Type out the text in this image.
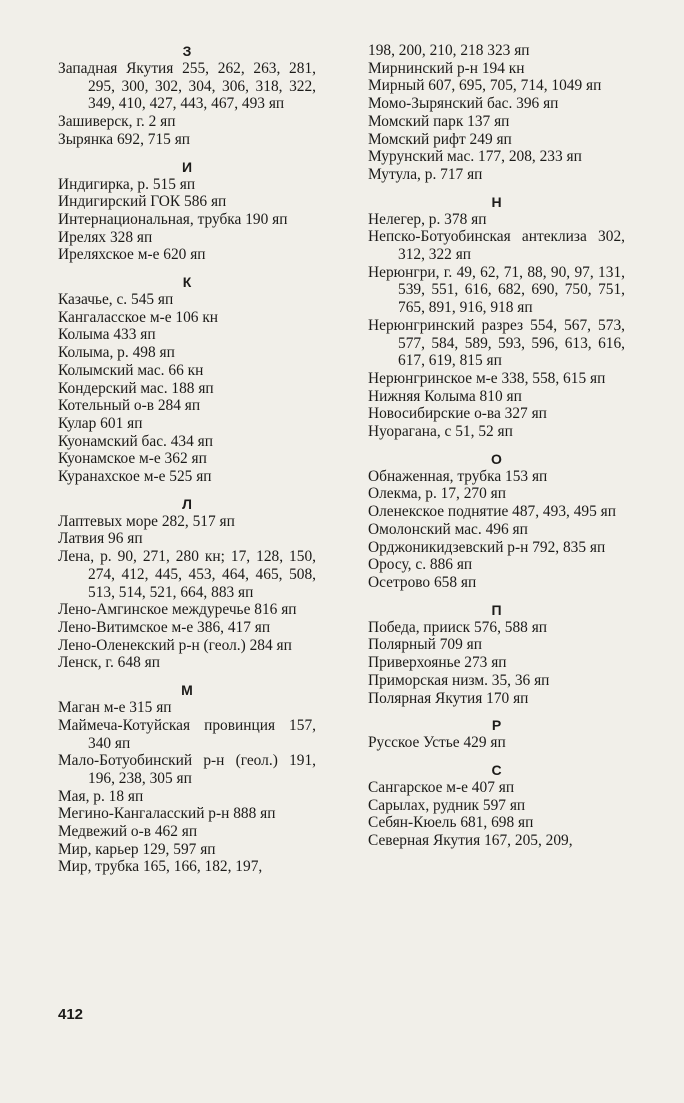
З
Западная Якутия 255, 262, 263, 281, 295, 300, 302, 304, 306, 318, 322, 349, 410, 427, 443, 467, 493 яп
Зашиверск, г. 2 яп
Зырянка 692, 715 яп
И
Индигирка, р. 515 яп
Индигирский ГОК 586 яп
Интернациональная, трубка 190 яп
Ирелях 328 яп
Иреляхское м-е 620 яп
К
Казачье, с. 545 яп
Кангаласское м-е 106 кн
Колыма 433 яп
Колыма, р. 498 яп
Колымский мас. 66 кн
Кондерский мас. 188 яп
Котельный о-в 284 яп
Кулар 601 яп
Куонамский бас. 434 яп
Куонамское м-е 362 яп
Куранахское м-е 525 яп
Л
Лаптевых море 282, 517 яп
Латвия 96 яп
Лена, р. 90, 271, 280 кн; 17, 128, 150, 274, 412, 445, 453, 464, 465, 508, 513, 514, 521, 664, 883 яп
Лено-Амгинское междуречье 816 яп
Лено-Витимское м-е 386, 417 яп
Лено-Оленекский р-н (геол.) 284 яп
Ленск, г. 648 яп
М
Маган м-е 315 яп
Маймеча-Котуйская провинция 157, 340 яп
Мало-Ботуобинский р-н (геол.) 191, 196, 238, 305 яп
Мая, р. 18 яп
Мегино-Кангаласский р-н 888 яп
Медвежий о-в 462 яп
Мир, карьер 129, 597 яп
Мир, трубка 165, 166, 182, 197,
198, 200, 210, 218 323 яп
Мирнинский р-н 194 кн
Мирный 607, 695, 705, 714, 1049 яп
Момо-Зырянский бас. 396 яп
Момский парк 137 яп
Момский рифт 249 яп
Мурунский мас. 177, 208, 233 яп
Мутула, р. 717 яп
Н
Нелегер, р. 378 яп
Непско-Ботуобинская антеклиза 302, 312, 322 яп
Нерюнгри, г. 49, 62, 71, 88, 90, 97, 131, 539, 551, 616, 682, 690, 750, 751, 765, 891, 916, 918 яп
Нерюнгринский разрез 554, 567, 573, 577, 584, 589, 593, 596, 613, 616, 617, 619, 815 яп
Нерюнгринское м-е 338, 558, 615 яп
Нижняя Колыма 810 яп
Новосибирские о-ва 327 яп
Нуорагана, с 51, 52 яп
О
Обнаженная, трубка 153 яп
Олекма, р. 17, 270 яп
Оленекское поднятие 487, 493, 495 яп
Омолонский мас. 496 яп
Орджоникидзевский р-н 792, 835 яп
Оросу, с. 886 яп
Осетрово 658 яп
П
Победа, прииск 576, 588 яп
Полярный 709 яп
Приверхоянье 273 яп
Приморская низм. 35, 36 яп
Полярная Якутия 170 яп
Р
Русское Устье 429 яп
С
Сангарское м-е 407 яп
Сарылах, рудник 597 яп
Себян-Кюель 681, 698 яп
Северная Якутия 167, 205, 209,
412
